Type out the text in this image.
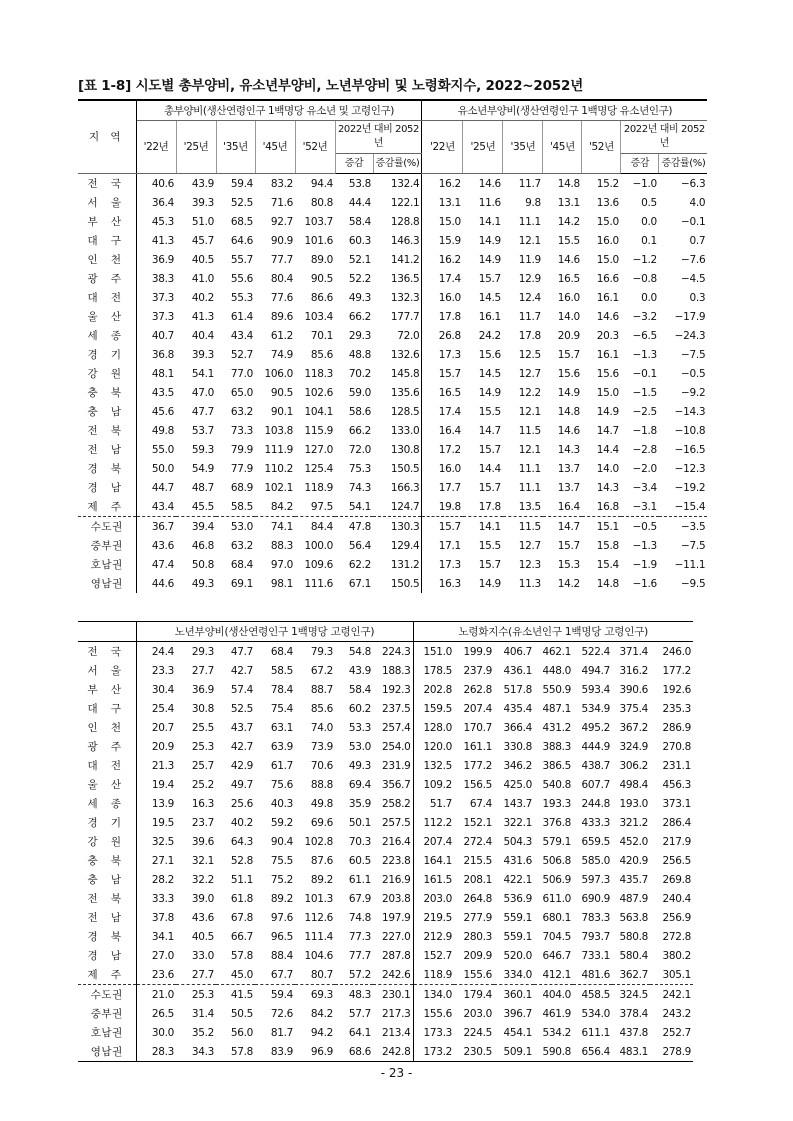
[표 1-8] 시도별 총부양비, 유소년부양비, 노년부양비 및 노령화지수, 2022~2052년
지 역	총부양비(생산연령인구 1백명당 유소년 및 고령인구)							유소년부양비(생산연령인구 1백명당 유소년인구)						
	'22년	'25년	'35년	'45년	'52년	2022년 대비 2052년		'22년	'25년	'35년	'45년	'52년	2022년 대비 2052년	
						증감	증감률(%)						증감	증감률(%)
전 국	40.6	43.9	59.4	83.2	94.4	53.8	132.4	16.2	14.6	11.7	14.8	15.2	−1.0	−6.3
서 울	36.4	39.3	52.5	71.6	80.8	44.4	122.1	13.1	11.6	9.8	13.1	13.6	0.5	4.0
부 산	45.3	51.0	68.5	92.7	103.7	58.4	128.8	15.0	14.1	11.1	14.2	15.0	0.0	−0.1
대 구	41.3	45.7	64.6	90.9	101.6	60.3	146.3	15.9	14.9	12.1	15.5	16.0	0.1	0.7
인 천	36.9	40.5	55.7	77.7	89.0	52.1	141.2	16.2	14.9	11.9	14.6	15.0	−1.2	−7.6
광 주	38.3	41.0	55.6	80.4	90.5	52.2	136.5	17.4	15.7	12.9	16.5	16.6	−0.8	−4.5
대 전	37.3	40.2	55.3	77.6	86.6	49.3	132.3	16.0	14.5	12.4	16.0	16.1	0.0	0.3
울 산	37.3	41.3	61.4	89.6	103.4	66.2	177.7	17.8	16.1	11.7	14.0	14.6	−3.2	−17.9
세 종	40.7	40.4	43.4	61.2	70.1	29.3	72.0	26.8	24.2	17.8	20.9	20.3	−6.5	−24.3
경 기	36.8	39.3	52.7	74.9	85.6	48.8	132.6	17.3	15.6	12.5	15.7	16.1	−1.3	−7.5
강 원	48.1	54.1	77.0	106.0	118.3	70.2	145.8	15.7	14.5	12.7	15.6	15.6	−0.1	−0.5
충 북	43.5	47.0	65.0	90.5	102.6	59.0	135.6	16.5	14.9	12.2	14.9	15.0	−1.5	−9.2
충 남	45.6	47.7	63.2	90.1	104.1	58.6	128.5	17.4	15.5	12.1	14.8	14.9	−2.5	−14.3
전 북	49.8	53.7	73.3	103.8	115.9	66.2	133.0	16.4	14.7	11.5	14.6	14.7	−1.8	−10.8
전 남	55.0	59.3	79.9	111.9	127.0	72.0	130.8	17.2	15.7	12.1	14.3	14.4	−2.8	−16.5
경 북	50.0	54.9	77.9	110.2	125.4	75.3	150.5	16.0	14.4	11.1	13.7	14.0	−2.0	−12.3
경 남	44.7	48.7	68.9	102.1	118.9	74.3	166.3	17.7	15.7	11.1	13.7	14.3	−3.4	−19.2
제 주	43.4	45.5	58.5	84.2	97.5	54.1	124.7	19.8	17.8	13.5	16.4	16.8	−3.1	−15.4
수도권	36.7	39.4	53.0	74.1	84.4	47.8	130.3	15.7	14.1	11.5	14.7	15.1	−0.5	−3.5
중부권	43.6	46.8	63.2	88.3	100.0	56.4	129.4	17.1	15.5	12.7	15.7	15.8	−1.3	−7.5
호남권	47.4	50.8	68.4	97.0	109.6	62.2	131.2	17.3	15.7	12.3	15.3	15.4	−1.9	−11.1
영남권	44.6	49.3	69.1	98.1	111.6	67.1	150.5	16.3	14.9	11.3	14.2	14.8	−1.6	−9.5
	노년부양비(생산연령인구 1백명당 고령인구)							노령화지수(유소년인구 1백명당 고령인구)						
전 국	24.4	29.3	47.7	68.4	79.3	54.8	224.3	151.0	199.9	406.7	462.1	522.4	371.4	246.0
서 울	23.3	27.7	42.7	58.5	67.2	43.9	188.3	178.5	237.9	436.1	448.0	494.7	316.2	177.2
부 산	30.4	36.9	57.4	78.4	88.7	58.4	192.3	202.8	262.8	517.8	550.9	593.4	390.6	192.6
대 구	25.4	30.8	52.5	75.4	85.6	60.2	237.5	159.5	207.4	435.4	487.1	534.9	375.4	235.3
인 천	20.7	25.5	43.7	63.1	74.0	53.3	257.4	128.0	170.7	366.4	431.2	495.2	367.2	286.9
광 주	20.9	25.3	42.7	63.9	73.9	53.0	254.0	120.0	161.1	330.8	388.3	444.9	324.9	270.8
대 전	21.3	25.7	42.9	61.7	70.6	49.3	231.9	132.5	177.2	346.2	386.5	438.7	306.2	231.1
울 산	19.4	25.2	49.7	75.6	88.8	69.4	356.7	109.2	156.5	425.0	540.8	607.7	498.4	456.3
세 종	13.9	16.3	25.6	40.3	49.8	35.9	258.2	51.7	67.4	143.7	193.3	244.8	193.0	373.1
경 기	19.5	23.7	40.2	59.2	69.6	50.1	257.5	112.2	152.1	322.1	376.8	433.3	321.2	286.4
강 원	32.5	39.6	64.3	90.4	102.8	70.3	216.4	207.4	272.4	504.3	579.1	659.5	452.0	217.9
충 북	27.1	32.1	52.8	75.5	87.6	60.5	223.8	164.1	215.5	431.6	506.8	585.0	420.9	256.5
충 남	28.2	32.2	51.1	75.2	89.2	61.1	216.9	161.5	208.1	422.1	506.9	597.3	435.7	269.8
전 북	33.3	39.0	61.8	89.2	101.3	67.9	203.8	203.0	264.8	536.9	611.0	690.9	487.9	240.4
전 남	37.8	43.6	67.8	97.6	112.6	74.8	197.9	219.5	277.9	559.1	680.1	783.3	563.8	256.9
경 북	34.1	40.5	66.7	96.5	111.4	77.3	227.0	212.9	280.3	559.1	704.5	793.7	580.8	272.8
경 남	27.0	33.0	57.8	88.4	104.6	77.7	287.8	152.7	209.9	520.0	646.7	733.1	580.4	380.2
제 주	23.6	27.7	45.0	67.7	80.7	57.2	242.6	118.9	155.6	334.0	412.1	481.6	362.7	305.1
수도권	21.0	25.3	41.5	59.4	69.3	48.3	230.1	134.0	179.4	360.1	404.0	458.5	324.5	242.1
중부권	26.5	31.4	50.5	72.6	84.2	57.7	217.3	155.6	203.0	396.7	461.9	534.0	378.4	243.2
호남권	30.0	35.2	56.0	81.7	94.2	64.1	213.4	173.3	224.5	454.1	534.2	611.1	437.8	252.7
영남권	28.3	34.3	57.8	83.9	96.9	68.6	242.8	173.2	230.5	509.1	590.8	656.4	483.1	278.9
- 23 -
